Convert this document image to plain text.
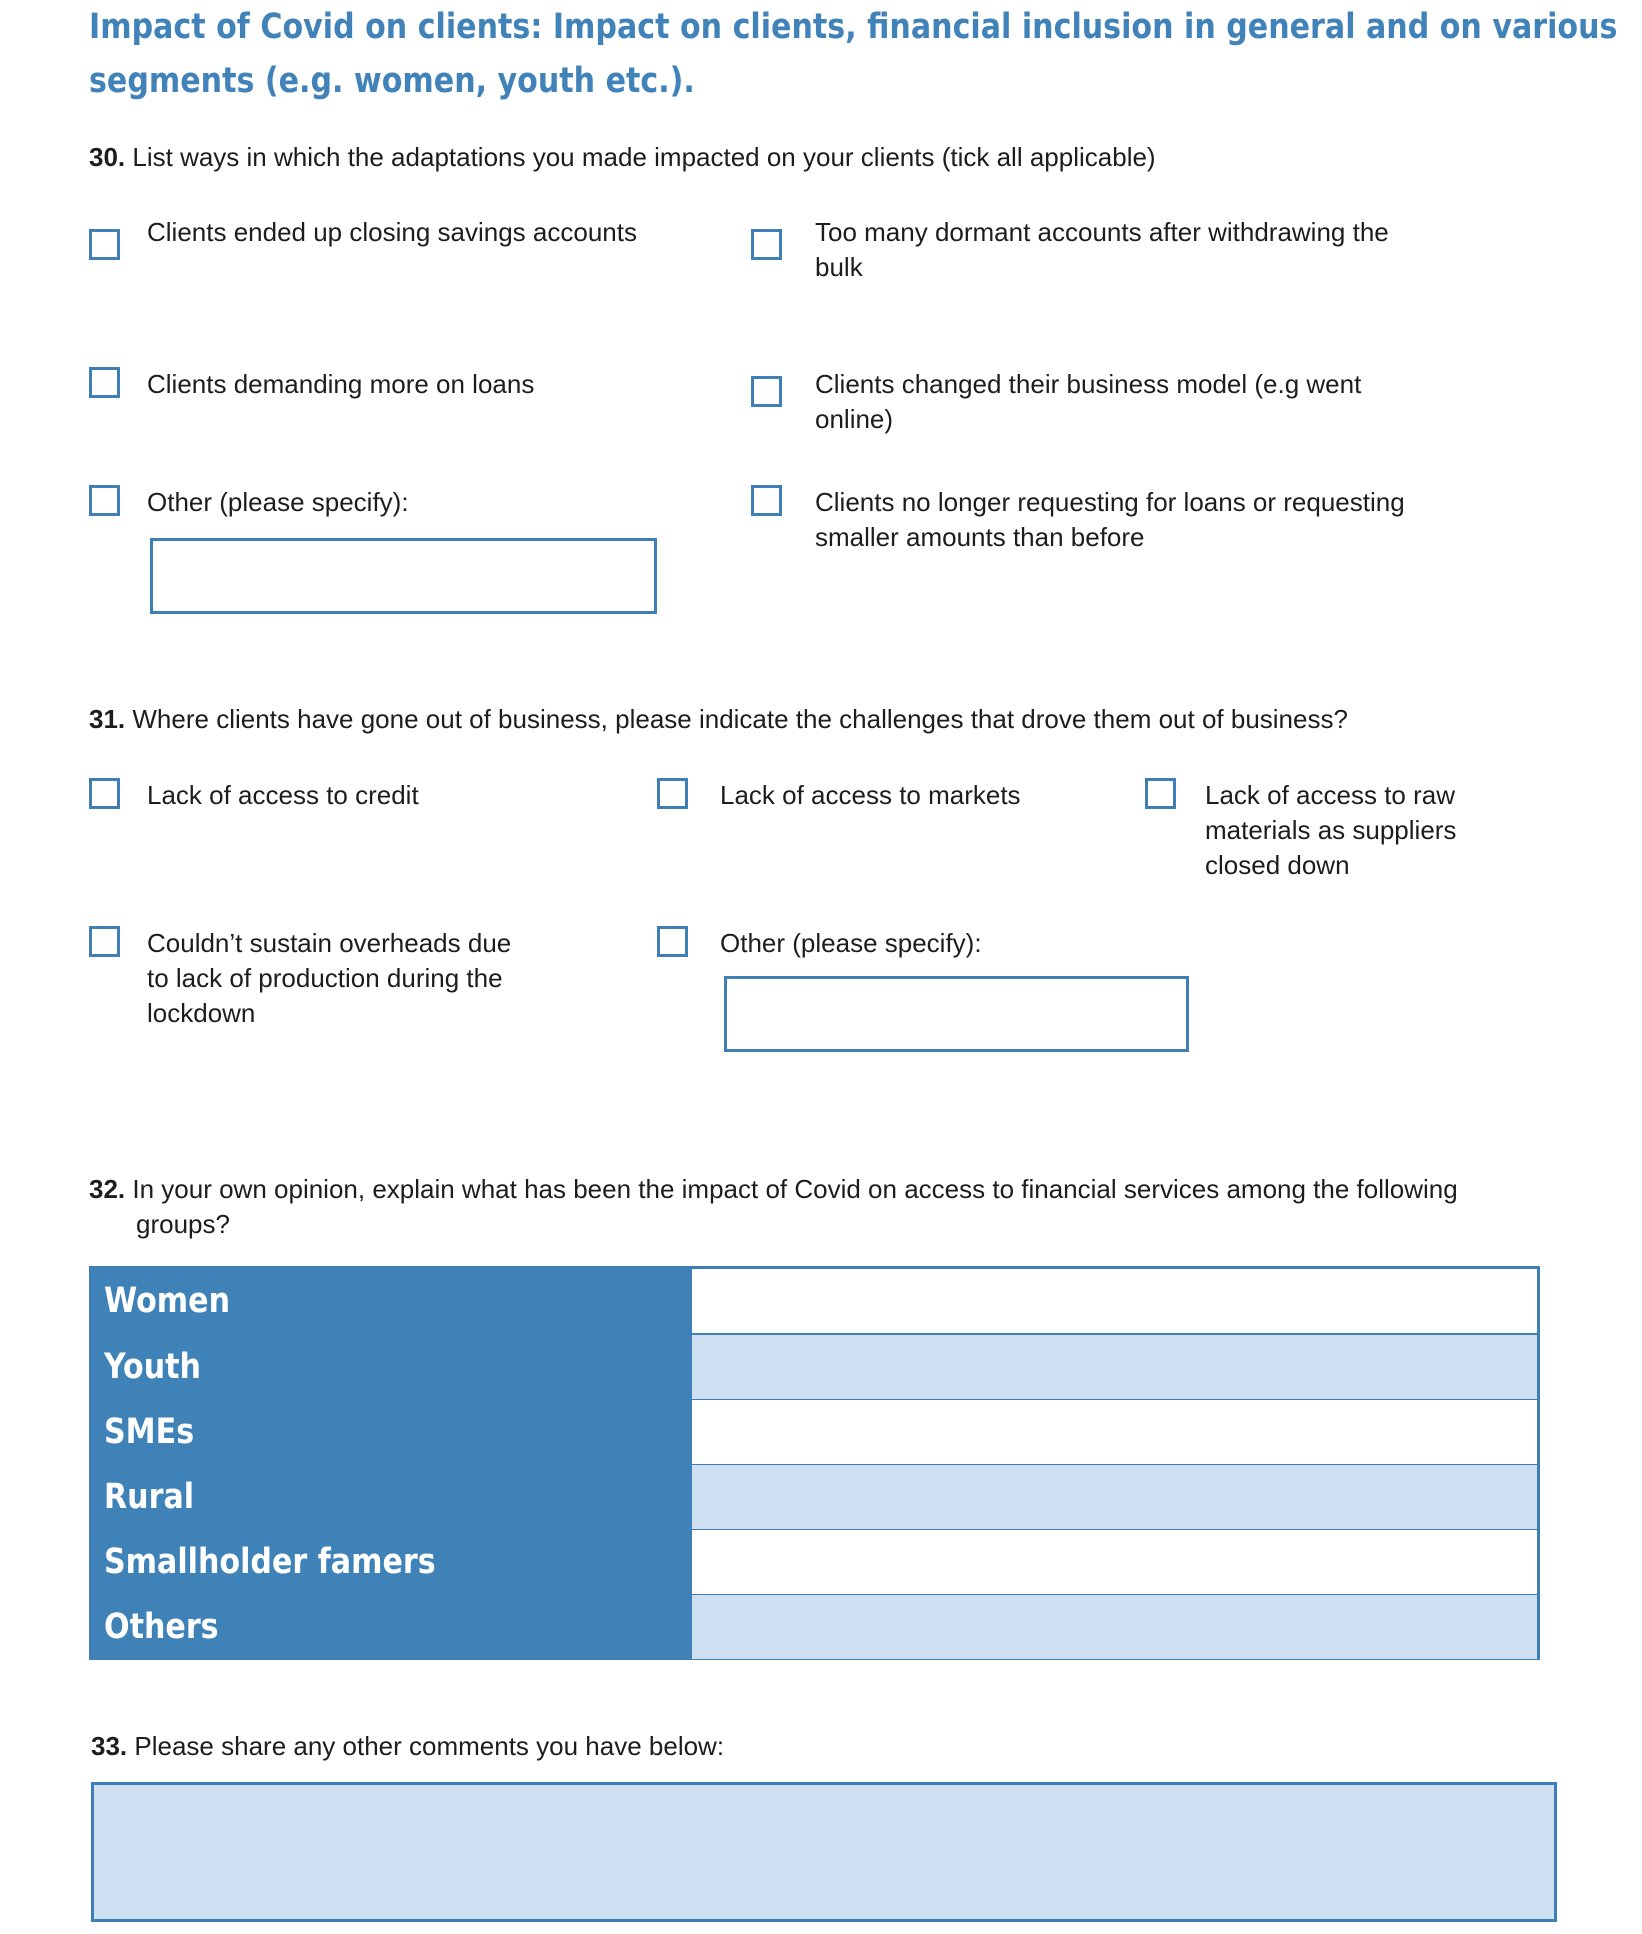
Impact of Covid on clients: Impact on clients, financial inclusion in general and on various
segments (e.g. women, youth etc.).
30. List ways in which the adaptations you made impacted on your clients (tick all applicable)
Clients ended up closing savings accounts	Too many dormant accounts after withdrawing the
bulk
Clients demanding more on loans	Clients changed their business model (e.g went
online)
Other (please specify):	Clients no longer requesting for loans or requesting
smaller amounts than before
31. Where clients have gone out of business, please indicate the challenges that drove them out of business?
Lack of access to credit	Lack of access to markets	Lack of access to raw
materials as suppliers
closed down
Couldn’t sustain overheads due
to lack of production during the
lockdown
Other (please specify):
32. In your own opinion, explain what has been the impact of Covid on access to financial services among the following
groups?
Women
Youth
SMEs
Rural
Smallholder famers
Others
33. Please share any other comments you have below:
